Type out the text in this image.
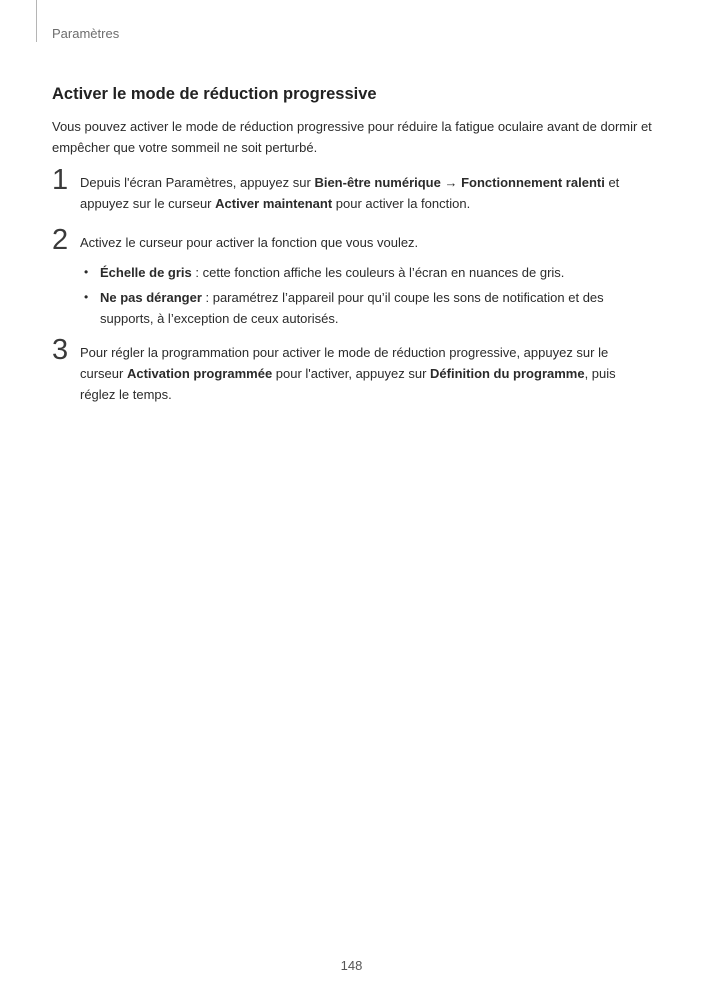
Paramètres
Activer le mode de réduction progressive

Vous pouvez activer le mode de réduction progressive pour réduire la fatigue oculaire avant de dormir et empêcher que votre sommeil ne soit perturbé.

1 Depuis l'écran Paramètres, appuyez sur Bien-être numérique → Fonctionnement ralenti et appuyez sur le curseur Activer maintenant pour activer la fonction.

2 Activez le curseur pour activer la fonction que vous voulez.

• Échelle de gris : cette fonction affiche les couleurs à l’écran en nuances de gris.
• Ne pas déranger : paramétrez l’appareil pour qu’il coupe les sons de notification et des supports, à l’exception de ceux autorisés.
3 Pour régler la programmation pour activer le mode de réduction progressive, appuyez sur le curseur Activation programmée pour l'activer, appuyez sur Définition du programme, puis réglez le temps.

148
